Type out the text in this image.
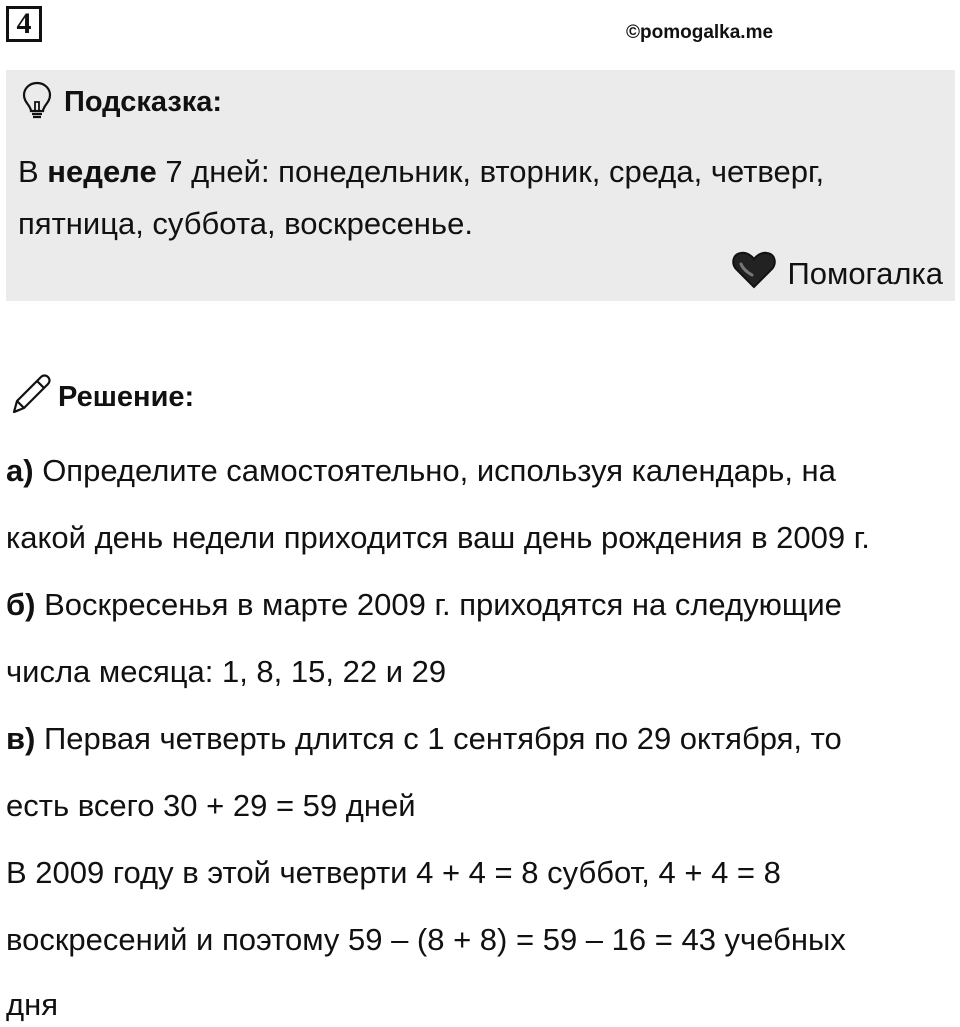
4	©pomogalka.me
Подсказка:
В неделе 7 дней: понедельник, вторник, среда, четверг,
пятница, суббота, воскресенье.
Помогалка
Решение:
а) Определите самостоятельно, используя календарь, на
какой день недели приходится ваш день рождения в 2009 г.
б) Воскресенья в марте 2009 г. приходятся на следующие
числа месяца: 1, 8, 15, 22 и 29
в) Первая четверть длится с 1 сентября по 29 октября, то
есть всего 30 + 29 = 59 дней
В 2009 году в этой четверти 4 + 4 = 8 суббот, 4 + 4 = 8
воскресений и поэтому 59 – (8 + 8) = 59 – 16 = 43 учебных
дня
